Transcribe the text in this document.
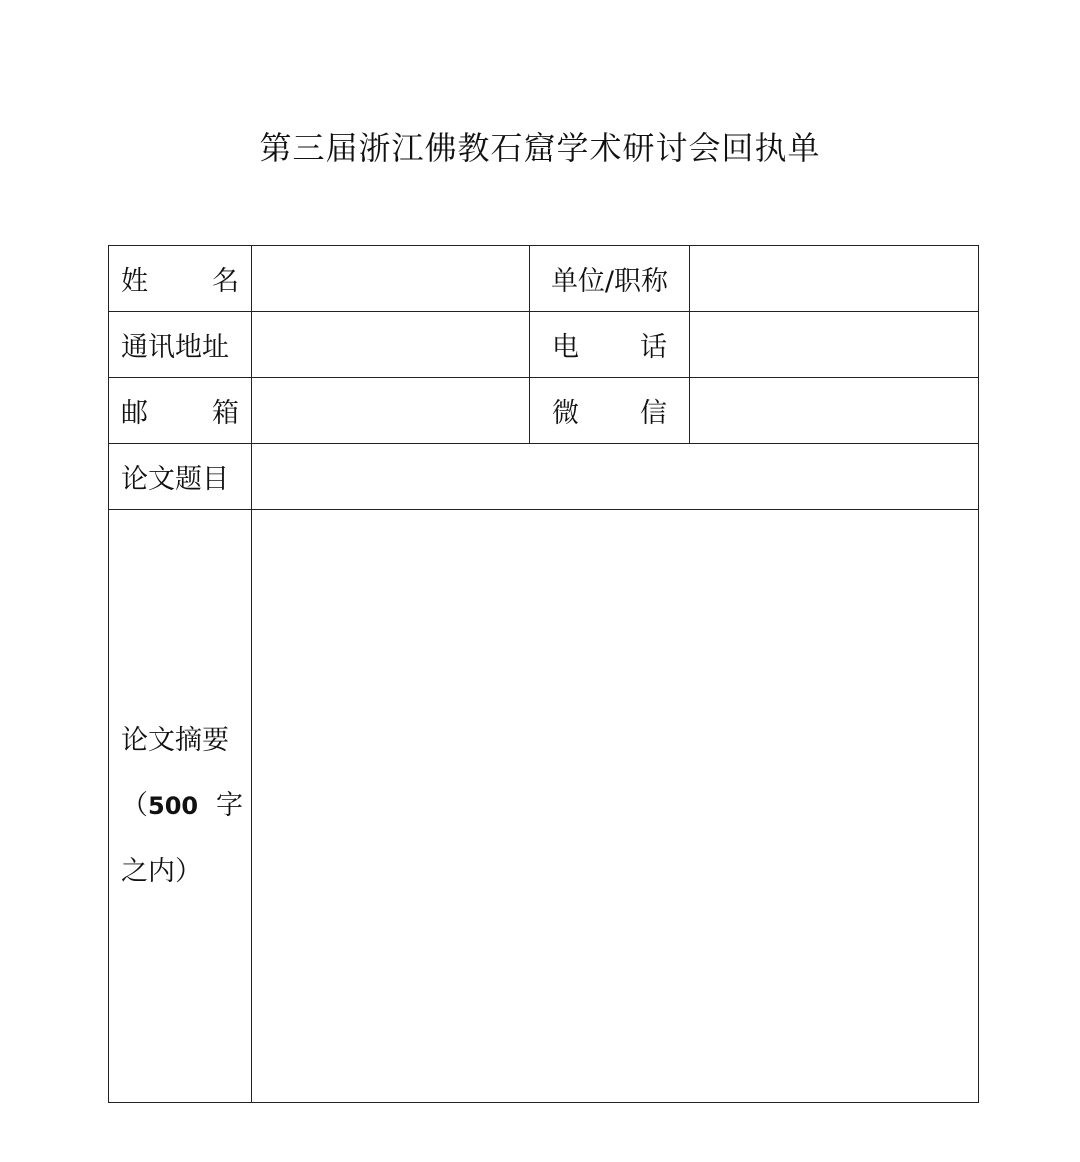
第三届浙江佛教石窟学术研讨会回执单
姓 名		单位/职称	

通讯地址		电 话	

邮 箱		微 信	

论文题目			

论文摘要
（500 字
之内）			
